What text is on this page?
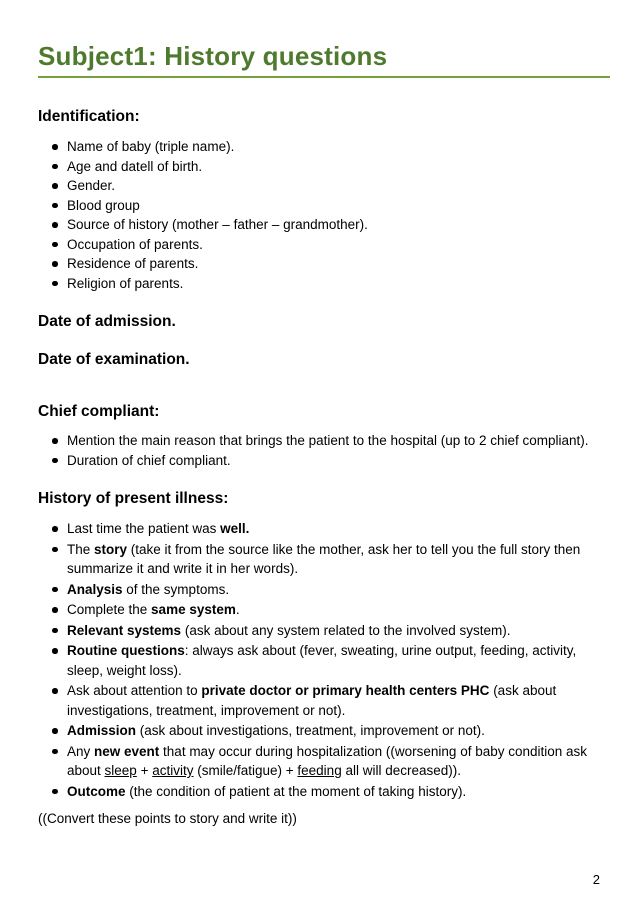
Subject1: History questions
Identification:
Name of baby (triple name).
Age and datell of birth.
Gender.
Blood group
Source of history (mother – father – grandmother).
Occupation of parents.
Residence of parents.
Religion of parents.
Date of admission.
Date of examination.
Chief compliant:
Mention the main reason that brings the patient to the hospital (up to 2 chief compliant).
Duration of chief compliant.
History of present illness:
Last time the patient was well.
The story (take it from the source like the mother, ask her to tell you the full story then summarize it and write it in her words).
Analysis of the symptoms.
Complete the same system.
Relevant systems (ask about any system related to the involved system).
Routine questions: always ask about (fever, sweating, urine output, feeding, activity, sleep, weight loss).
Ask about attention to private doctor or primary health centers PHC (ask about investigations, treatment, improvement or not).
Admission (ask about investigations, treatment, improvement or not).
Any new event that may occur during hospitalization ((worsening of baby condition ask about sleep + activity (smile/fatigue) + feeding all will decreased)).
Outcome (the condition of patient at the moment of taking history).
((Convert these points to story and write it))
2
